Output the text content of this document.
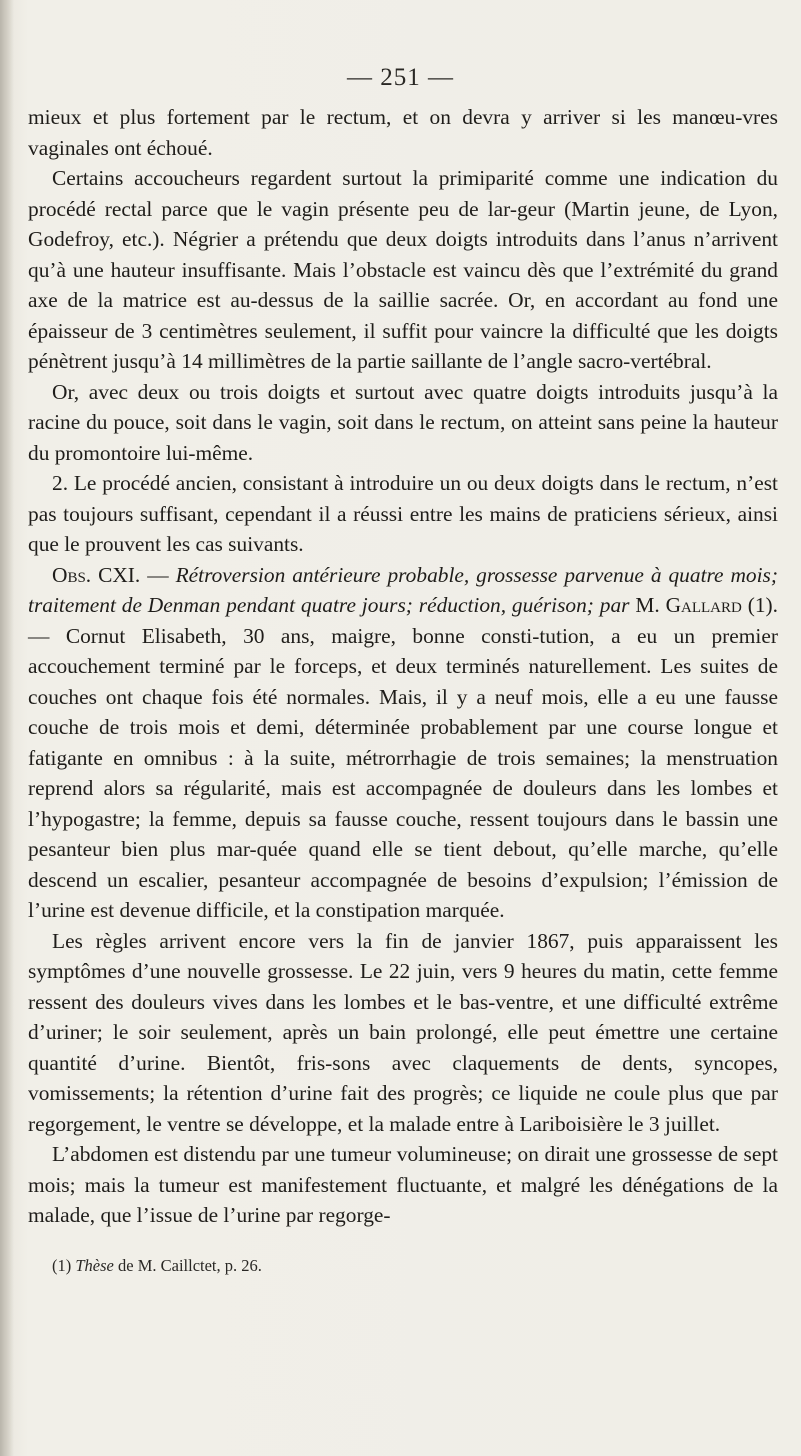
— 251 —

mieux et plus fortement par le rectum, et on devra y arriver si les manœu-vres vaginales ont échoué.

Certains accoucheurs regardent surtout la primiparité comme une indication du procédé rectal parce que le vagin présente peu de lar-geur (Martin jeune, de Lyon, Godefroy, etc.). Négrier a prétendu que deux doigts introduits dans l’anus n’arrivent qu’à une hauteur insuffisante. Mais l’obstacle est vaincu dès que l’extrémité du grand axe de la matrice est au-dessus de la saillie sacrée. Or, en accordant au fond une épaisseur de 3 centimètres seulement, il suffit pour vaincre la difficulté que les doigts pénètrent jusqu’à 14 millimètres de la partie saillante de l’angle sacro-vertébral.

Or, avec deux ou trois doigts et surtout avec quatre doigts introduits jusqu’à la racine du pouce, soit dans le vagin, soit dans le rectum, on atteint sans peine la hauteur du promontoire lui-même.

2. Le procédé ancien, consistant à introduire un ou deux doigts dans le rectum, n’est pas toujours suffisant, cependant il a réussi entre les mains de praticiens sérieux, ainsi que le prouvent les cas suivants.

Obs. CXI. — Rétroversion antérieure probable, grossesse parvenue à quatre mois; traitement de Denman pendant quatre jours; réduction, guérison; par M. Gallard (1). — Cornut Elisabeth, 30 ans, maigre, bonne consti-tution, a eu un premier accouchement terminé par le forceps, et deux terminés naturellement. Les suites de couches ont chaque fois été normales. Mais, il y a neuf mois, elle a eu une fausse couche de trois mois et demi, déterminée probablement par une course longue et fatigante en omnibus : à la suite, métrorrhagie de trois semaines; la menstruation reprend alors sa régularité, mais est accompagnée de douleurs dans les lombes et l’hypogastre; la femme, depuis sa fausse couche, ressent toujours dans le bassin une pesanteur bien plus mar-quée quand elle se tient debout, qu’elle marche, qu’elle descend un escalier, pesanteur accompagnée de besoins d’expulsion; l’émission de l’urine est devenue difficile, et la constipation marquée.

Les règles arrivent encore vers la fin de janvier 1867, puis apparaissent les symptômes d’une nouvelle grossesse. Le 22 juin, vers 9 heures du matin, cette femme ressent des douleurs vives dans les lombes et le bas-ventre, et une difficulté extrême d’uriner; le soir seulement, après un bain prolongé, elle peut émettre une certaine quantité d’urine. Bientôt, fris-sons avec claquements de dents, syncopes, vomissements; la rétention d’urine fait des progrès; ce liquide ne coule plus que par regorgement, le ventre se développe, et la malade entre à Lariboisière le 3 juillet.

L’abdomen est distendu par une tumeur volumineuse; on dirait une grossesse de sept mois; mais la tumeur est manifestement fluctuante, et malgré les dénégations de la malade, que l’issue de l’urine par regorge-

(1) Thèse de M. Caillctet, p. 26.
